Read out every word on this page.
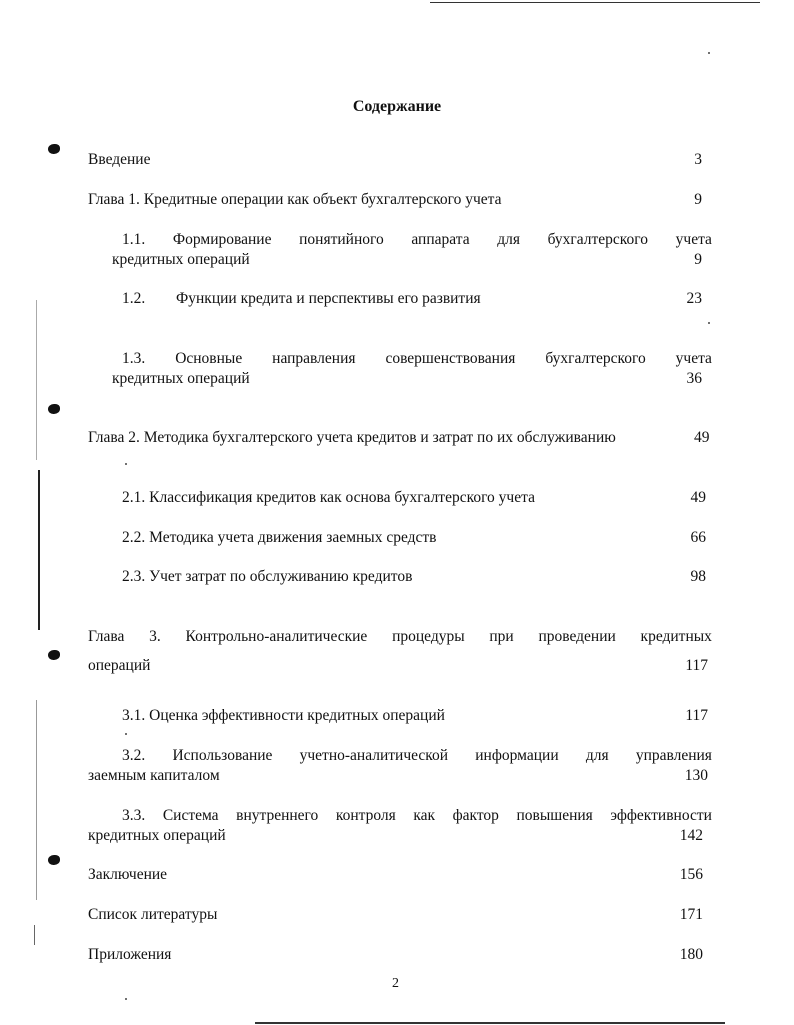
Содержание
Введение	3
Глава 1. Кредитные операции как объект бухгалтерского учета	9
1.1. Формирование понятийного аппарата для бухгалтерского учета
кредитных операций	9
1.2. Функции кредита и перспективы его развития	23
1.3. Основные направления совершенствования бухгалтерского учета
кредитных операций	36
Глава 2. Методика бухгалтерского учета кредитов и затрат по их обслуживанию	49
2.1. Классификация кредитов как основа бухгалтерского учета	49
2.2. Методика учета движения заемных средств	66
2.3. Учет затрат по обслуживанию кредитов	98
Глава 3. Контрольно-аналитические процедуры при проведении кредитных
операций	117
3.1. Оценка эффективности кредитных операций	117
3.2. Использование учетно-аналитической информации для управления
заемным капиталом	130
3.3. Система внутреннего контроля как фактор повышения эффективности
кредитных операций	142
Заключение	156
Список литературы	171
Приложения	180
2
